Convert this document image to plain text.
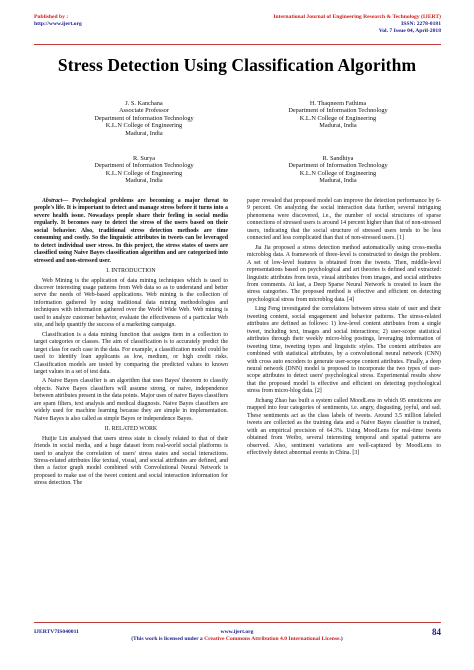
Published by :
http://www.ijert.org
International Journal of Engineering Research & Technology (IJERT)
ISSN: 2278-0181
Vol. 7 Issue 04, April-2018
Stress Detection Using Classification Algorithm
J. S. Kanchana
Associate Professor
Department of Information Technology
K.L.N College of Engineering
Madurai, India
H. Thaqneem Fathima
Department of Information Technology
K.L.N College of Engineering
Madurai, India
R. Surya
Department of Information Technology
K.L.N College of Engineering
Madurai, India
R. Sandhiya
Department of Information Technology
K.L.N College of Engineering
Madurai, India

Abstract— Psychological problems are becoming a major threat to people's life. It is important to detect and manage stress before it turns into a severe health issue. Nowadays people share their feeling in social media regularly. It becomes easy to detect the stress of the users based on their social behavior. Also, traditional stress detection methods are time consuming and costly. So the linguistic attributes in tweets can be leveraged to detect individual user stress. In this project, the stress states of users are classified using Naive Bayes classification algorithm and are categorized into stressed and non-stressed user.

I. INTRODUCTION

Web Mining is the application of data mining techniques which is used to discover interesting usage patterns from Web data so as to understand and better serve the needs of Web-based applications. Web mining is the collection of information gathered by using traditional data mining methodologies and techniques with information gathered over the World Wide Web. Web mining is used to analyze customer behavior, evaluate the effectiveness of a particular Web site, and help quantify the success of a marketing campaign.

Classification is a data mining function that assigns item in a collection to target categories or classes. The aim of classification is to accurately predict the target class for each case in the data. For example, a classification model could be used to identify loan applicants as low, medium, or high credit risks. Classification models are tested by comparing the predicted values to known target values in a set of test data.

A Naive Bayes classifier is an algorithm that uses Bayes' theorem to classify objects. Naive Bayes classifiers will assume strong, or naive, independence between attributes present in the data points. Major uses of naive Bayes classifiers are spam filters, text analysis and medical diagnosis. Naive Bayes classifiers are widely used for machine learning because they are simple in implementation. Naive Bayes is also called as simple Bayes or independence Bayes.

II. RELATED WORK

Huijie Lin analysed that users stress state is closely related to that of their friends in social media, and a huge dataset from real-world social platforms is used to analyze the correlation of users' stress states and social interactions. Stress-related attributes like textual, visual, and social attributes are defined, and then a factor graph model combined with Convolutional Neural Network is proposed to make use of the tweet content and social interaction information for stress detection. The

paper revealed that proposed model can improve the detection performance by 6-9 percent. On analyzing the social interaction data further, several intriguing phenomena were discovered, i.e., the number of social structures of sparse connections of stressed users is around 14 percent higher than that of non-stressed users, indicating that the social structure of stressed users tends to be less connected and less complicated than that of non-stressed users. [1]

Jia Jia proposed a stress detection method automatically using cross-media microblog data. A framework of three-level is constructed to design the problem. A set of low-level features is obtained from the tweets. Then, middle-level representations based on psychological and art theories is defined and extracted: linguistic attributes from texts, visual attributes from images, and social attributes from comments. At last, a Deep Sparse Neural Network is created to learn the stress categories. The proposed method is effective and efficient on detecting psychological stress from microblog data. [4]

Ling Feng investigated the correlations between stress state of user and their tweeting content, social engagement and behavior patterns. The stress-related attributes are defined as follows: 1) low-level content attributes from a single tweet, including text, images and social interactions; 2) user-scope statistical attributes through their weekly micro-blog postings, leveraging information of tweeting time, tweeting types and linguistic styles. The content attributes are combined with statistical attributes, by a convolutional neural network (CNN) with cross auto encoders to generate user-scope content attributes. Finally, a deep neural network (DNN) model is proposed to incorporate the two types of user-scope attributes to detect users' psychological stress. Experimental results show that the proposed model is effective and efficient on detecting psychological stress from micro-blog data. [2]

Jichang Zhao has built a system called MoodLens in which 95 emoticons are mapped into four categories of sentiments, i.e. angry, disgusting, joyful, and sad. These sentiments act as the class labels of tweets. Around 3.5 million labeled tweets are collected as the training data and a Naive Bayes classifier is trained, with an empirical precision of 64.3%. Using MoodLens for real-time tweets obtained from Weibo, several interesting temporal and spatial patterns are observed. Also, sentiment variations are well-captured by MoodLens to effectively detect abnormal events in China. [3]

IJERTV7IS040011	www.ijert.org
(This work is licensed under a Creative Commons Attribution 4.0 International License.)
84
